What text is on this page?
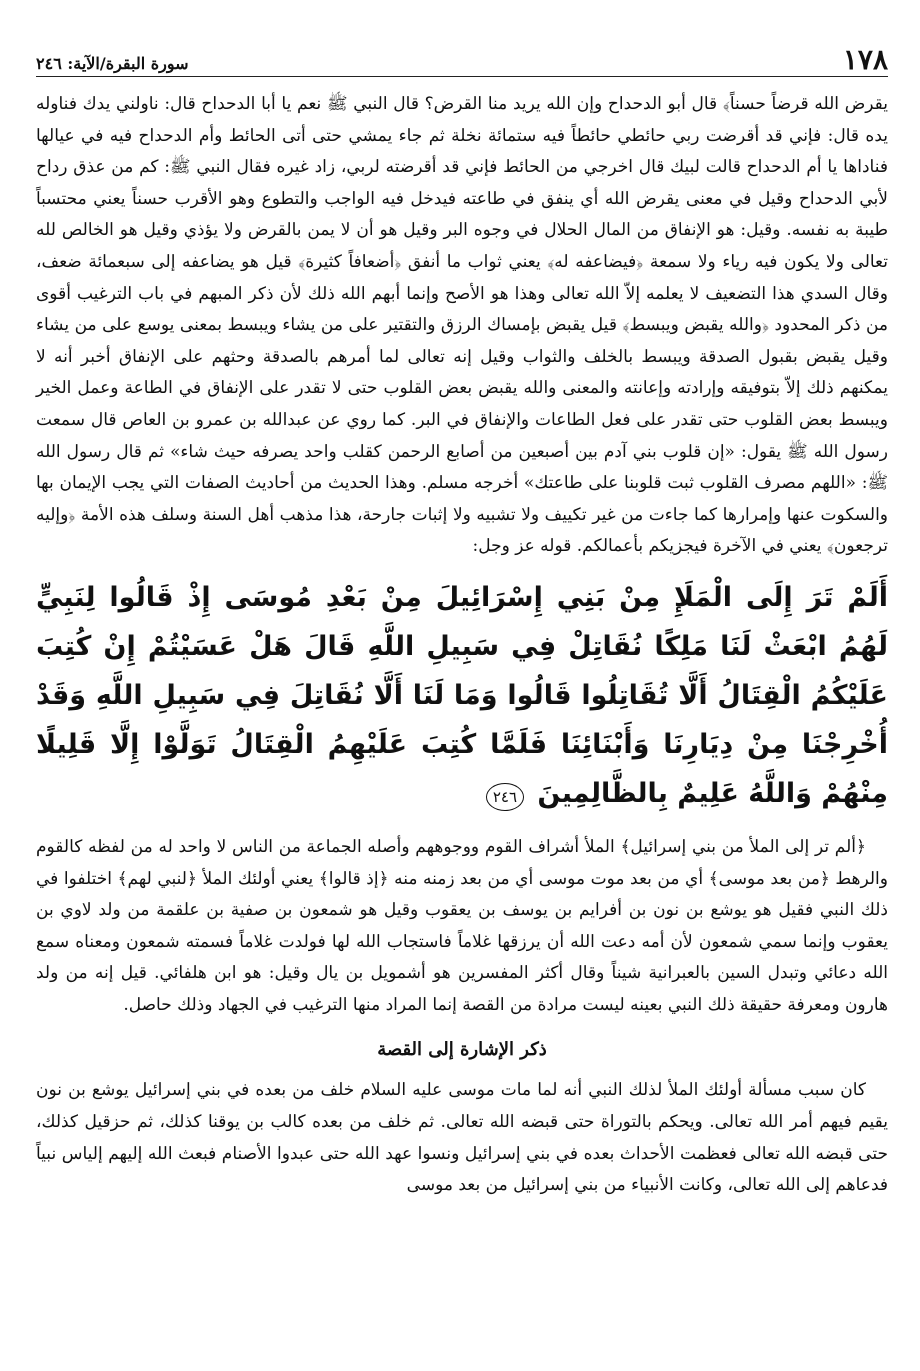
١٧٨
سورة البقرة/الآية: ٢٤٦

يقرض الله قرضاً حسناً﴾ قال أبو الدحداح وإن الله يريد منا القرض؟ قال النبي ﷺ نعم يا أبا الدحداح قال: ناولني يدك فناوله يده قال: فإني قد أقرضت ربي حائطي حائطاً فيه ستمائة نخلة ثم جاء يمشي حتى أتى الحائط وأم الدحداح فيه في عيالها فناداها يا أم الدحداح قالت لبيك قال اخرجي من الحائط فإني قد أقرضته لربي، زاد غيره فقال النبي ﷺ: كم من عذق رداح لأبي الدحداح وقيل في معنى يقرض الله أي ينفق في طاعته فيدخل فيه الواجب والتطوع وهو الأقرب حسناً يعني محتسباً طيبة به نفسه. وقيل: هو الإنفاق من المال الحلال في وجوه البر وقيل هو أن لا يمن بالقرض ولا يؤذي وقيل هو الخالص لله تعالى ولا يكون فيه رياء ولا سمعة ﴿فيضاعفه له﴾ يعني ثواب ما أنفق ﴿أضعافاً كثيرة﴾ قيل هو يضاعفه إلى سبعمائة ضعف، وقال السدي هذا التضعيف لا يعلمه إلاّ الله تعالى وهذا هو الأصح وإنما أبهم الله ذلك لأن ذكر المبهم في باب الترغيب أقوى من ذكر المحدود ﴿والله يقبض ويبسط﴾ قيل يقبض بإمساك الرزق والتقتير على من يشاء ويبسط بمعنى يوسع على من يشاء وقيل يقبض بقبول الصدقة ويبسط بالخلف والثواب وقيل إنه تعالى لما أمرهم بالصدقة وحثهم على الإنفاق أخبر أنه لا يمكنهم ذلك إلاّ بتوفيقه وإرادته وإعانته والمعنى والله يقبض بعض القلوب حتى لا تقدر على الإنفاق في الطاعة وعمل الخير ويبسط بعض القلوب حتى تقدر على فعل الطاعات والإنفاق في البر. كما روي عن عبدالله بن عمرو بن العاص قال سمعت رسول الله ﷺ يقول: «إن قلوب بني آدم بين أصبعين من أصابع الرحمن كقلب واحد يصرفه حيث شاء» ثم قال رسول الله ﷺ: «اللهم مصرف القلوب ثبت قلوبنا على طاعتك» أخرجه مسلم. وهذا الحديث من أحاديث الصفات التي يجب الإيمان بها والسكوت عنها وإمرارها كما جاءت من غير تكييف ولا تشبيه ولا إثبات جارحة، هذا مذهب أهل السنة وسلف هذه الأمة ﴿وإليه ترجعون﴾ يعني في الآخرة فيجزيكم بأعمالكم. قوله عز وجل:

أَلَمْ تَرَ إِلَى الْمَلَإِ مِنْ بَنِي إِسْرَائِيلَ مِنْ بَعْدِ مُوسَى إِذْ قَالُوا لِنَبِيٍّ لَهُمُ ابْعَثْ لَنَا مَلِكًا نُقَاتِلْ فِي سَبِيلِ اللَّهِ قَالَ هَلْ عَسَيْتُمْ إِنْ كُتِبَ عَلَيْكُمُ الْقِتَالُ أَلَّا تُقَاتِلُوا قَالُوا وَمَا لَنَا أَلَّا نُقَاتِلَ فِي سَبِيلِ اللَّهِ وَقَدْ أُخْرِجْنَا مِنْ دِيَارِنَا وَأَبْنَائِنَا فَلَمَّا كُتِبَ عَلَيْهِمُ الْقِتَالُ تَوَلَّوْا إِلَّا قَلِيلًا مِنْهُمْ وَاللَّهُ عَلِيمٌ بِالظَّالِمِينَ ٢٤٦

﴿ألم تر إلى الملأ من بني إسرائيل﴾ الملأ أشراف القوم ووجوههم وأصله الجماعة من الناس لا واحد له من لفظه كالقوم والرهط ﴿من بعد موسى﴾ أي من بعد موت موسى أي من بعد زمنه منه ﴿إذ قالوا﴾ يعني أولئك الملأ ﴿لنبي لهم﴾ اختلفوا في ذلك النبي فقيل هو يوشع بن نون بن أفرايم بن يوسف بن يعقوب وقيل هو شمعون بن صفية بن علقمة من ولد لاوي بن يعقوب وإنما سمي شمعون لأن أمه دعت الله أن يرزقها غلاماً فاستجاب الله لها فولدت غلاماً فسمته شمعون ومعناه سمع الله دعائي وتبدل السين بالعبرانية شيناً وقال أكثر المفسرين هو أشمويل بن يال وقيل: هو ابن هلفائي. قيل إنه من ولد هارون ومعرفة حقيقة ذلك النبي بعينه ليست مرادة من القصة إنما المراد منها الترغيب في الجهاد وذلك حاصل.

ذكر الإشارة إلى القصة

كان سبب مسألة أولئك الملأ لذلك النبي أنه لما مات موسى عليه السلام خلف من بعده في بني إسرائيل يوشع بن نون يقيم فيهم أمر الله تعالى. ويحكم بالتوراة حتى قبضه الله تعالى. ثم خلف من بعده كالب بن يوقنا كذلك، ثم حزقيل كذلك، حتى قبضه الله تعالى فعظمت الأحداث بعده في بني إسرائيل ونسوا عهد الله حتى عبدوا الأصنام فبعث الله إليهم إلياس نبياً فدعاهم إلى الله تعالى، وكانت الأنبياء من بني إسرائيل من بعد موسى
